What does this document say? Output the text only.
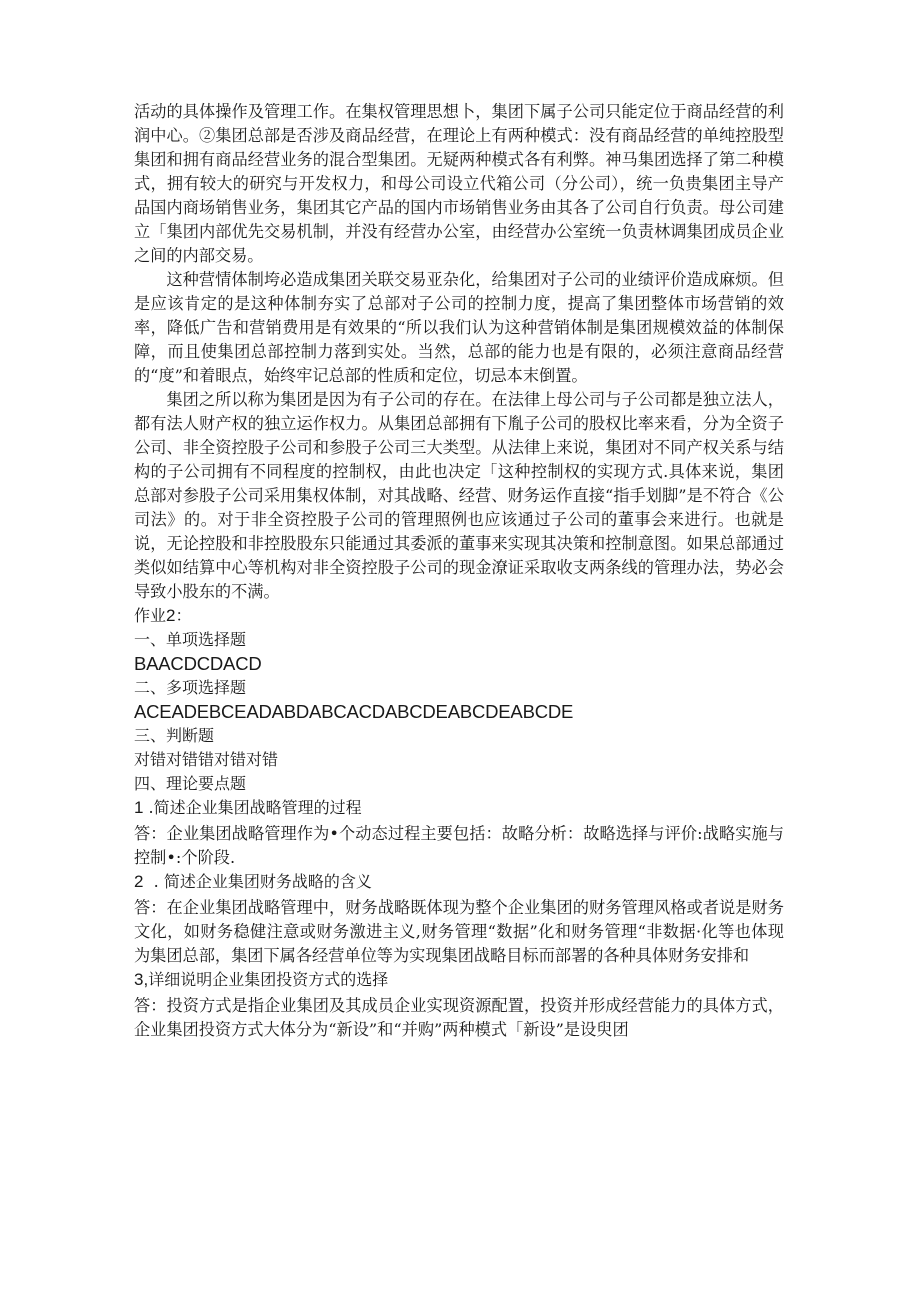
活动的具体操作及管理工作。在集权管理思想卜，集团下属子公司只能定位于商品经营的利润中心。②集团总部是否涉及商品经营，在理论上有两种模式：没有商品经营的单纯控股型集团和拥有商品经营业务的混合型集团。无疑两种模式各有利弊。神马集团选择了第二种模式，拥有较大的研究与开发权力，和母公司设立代箱公司（分公司），统一负贵集团主导产品国内商场销售业务，集团其它产品的国内市场销售业务由其各了公司自行负责。母公司建立「集团内部优先交易机制，并没有经营办公室，由经营办公室统一负责林调集团成员企业之间的内部交易。

这种营情体制垮必造成集团关联交易亚杂化，给集团对子公司的业绩评价造成麻烦。但是应该肯定的是这种体制夯实了总部对子公司的控制力度，提高了集团整体市场营销的效率，降低广告和营销费用是有效果的“所以我们认为这种营销体制是集团规模效益的体制保障，而且使集团总部控制力落到实处。当然，总部的能力也是有限的，必须注意商品经营的“度”和着眼点，始终牢记总部的性质和定位，切忌本末倒置。

集团之所以称为集团是因为有子公司的存在。在法律上母公司与子公司都是独立法人，都有法人财产权的独立运作权力。从集团总部拥有下胤子公司的股权比率来看，分为全资子公司、非全资控股子公司和参股子公司三大类型。从法律上来说，集团对不同产权关系与结构的子公司拥有不同程度的控制权，由此也决定「这种控制权的实现方式.具体来说，集团总部对参股子公司采用集权体制，对其战略、经营、财务运作直接“指手划脚”是不符合《公司法》的。对于非全资控股子公司的管理照例也应该通过子公司的董事会来进行。也就是说，无论控股和非控股股东只能通过其委派的董事来实现其决策和控制意图。如果总部通过类似如结算中心等机构对非全资控股子公司的现金潦证采取收支两条线的管理办法，势必会导致小股东的不满。

作业2：

一、单项选择题

BAACDCDACD

二、多项选择题

ACEADEBCEADABDABCACDABCDEABCDEABCDE

三、判断题

对错对错错对错对错

四、理论要点题

1 .简述企业集团战略管理的过程

答：企业集团战略管理作为•个动态过程主要包括：故略分析：故略选择与评价:战略实施与控制•:个阶段.

2  . 简述企业集团财务战略的含义

答：在企业集团战略管理中，财务战略既体现为整个企业集团的财务管理风格或者说是财务文化，如财务稳健注意或财务激进主义,财务管理“数据”化和财务管理“非数据·化等也体现为集团总部，集团下属各经营单位等为实现集团战略目标而部署的各种具体财务安排和

3,详细说明企业集团投资方式的选择

答：投资方式是指企业集团及其成员企业实现资源配置，投资并形成经营能力的具体方式，企业集团投资方式大体分为“新设”和“并购”两种模式「新设”是设臾团
